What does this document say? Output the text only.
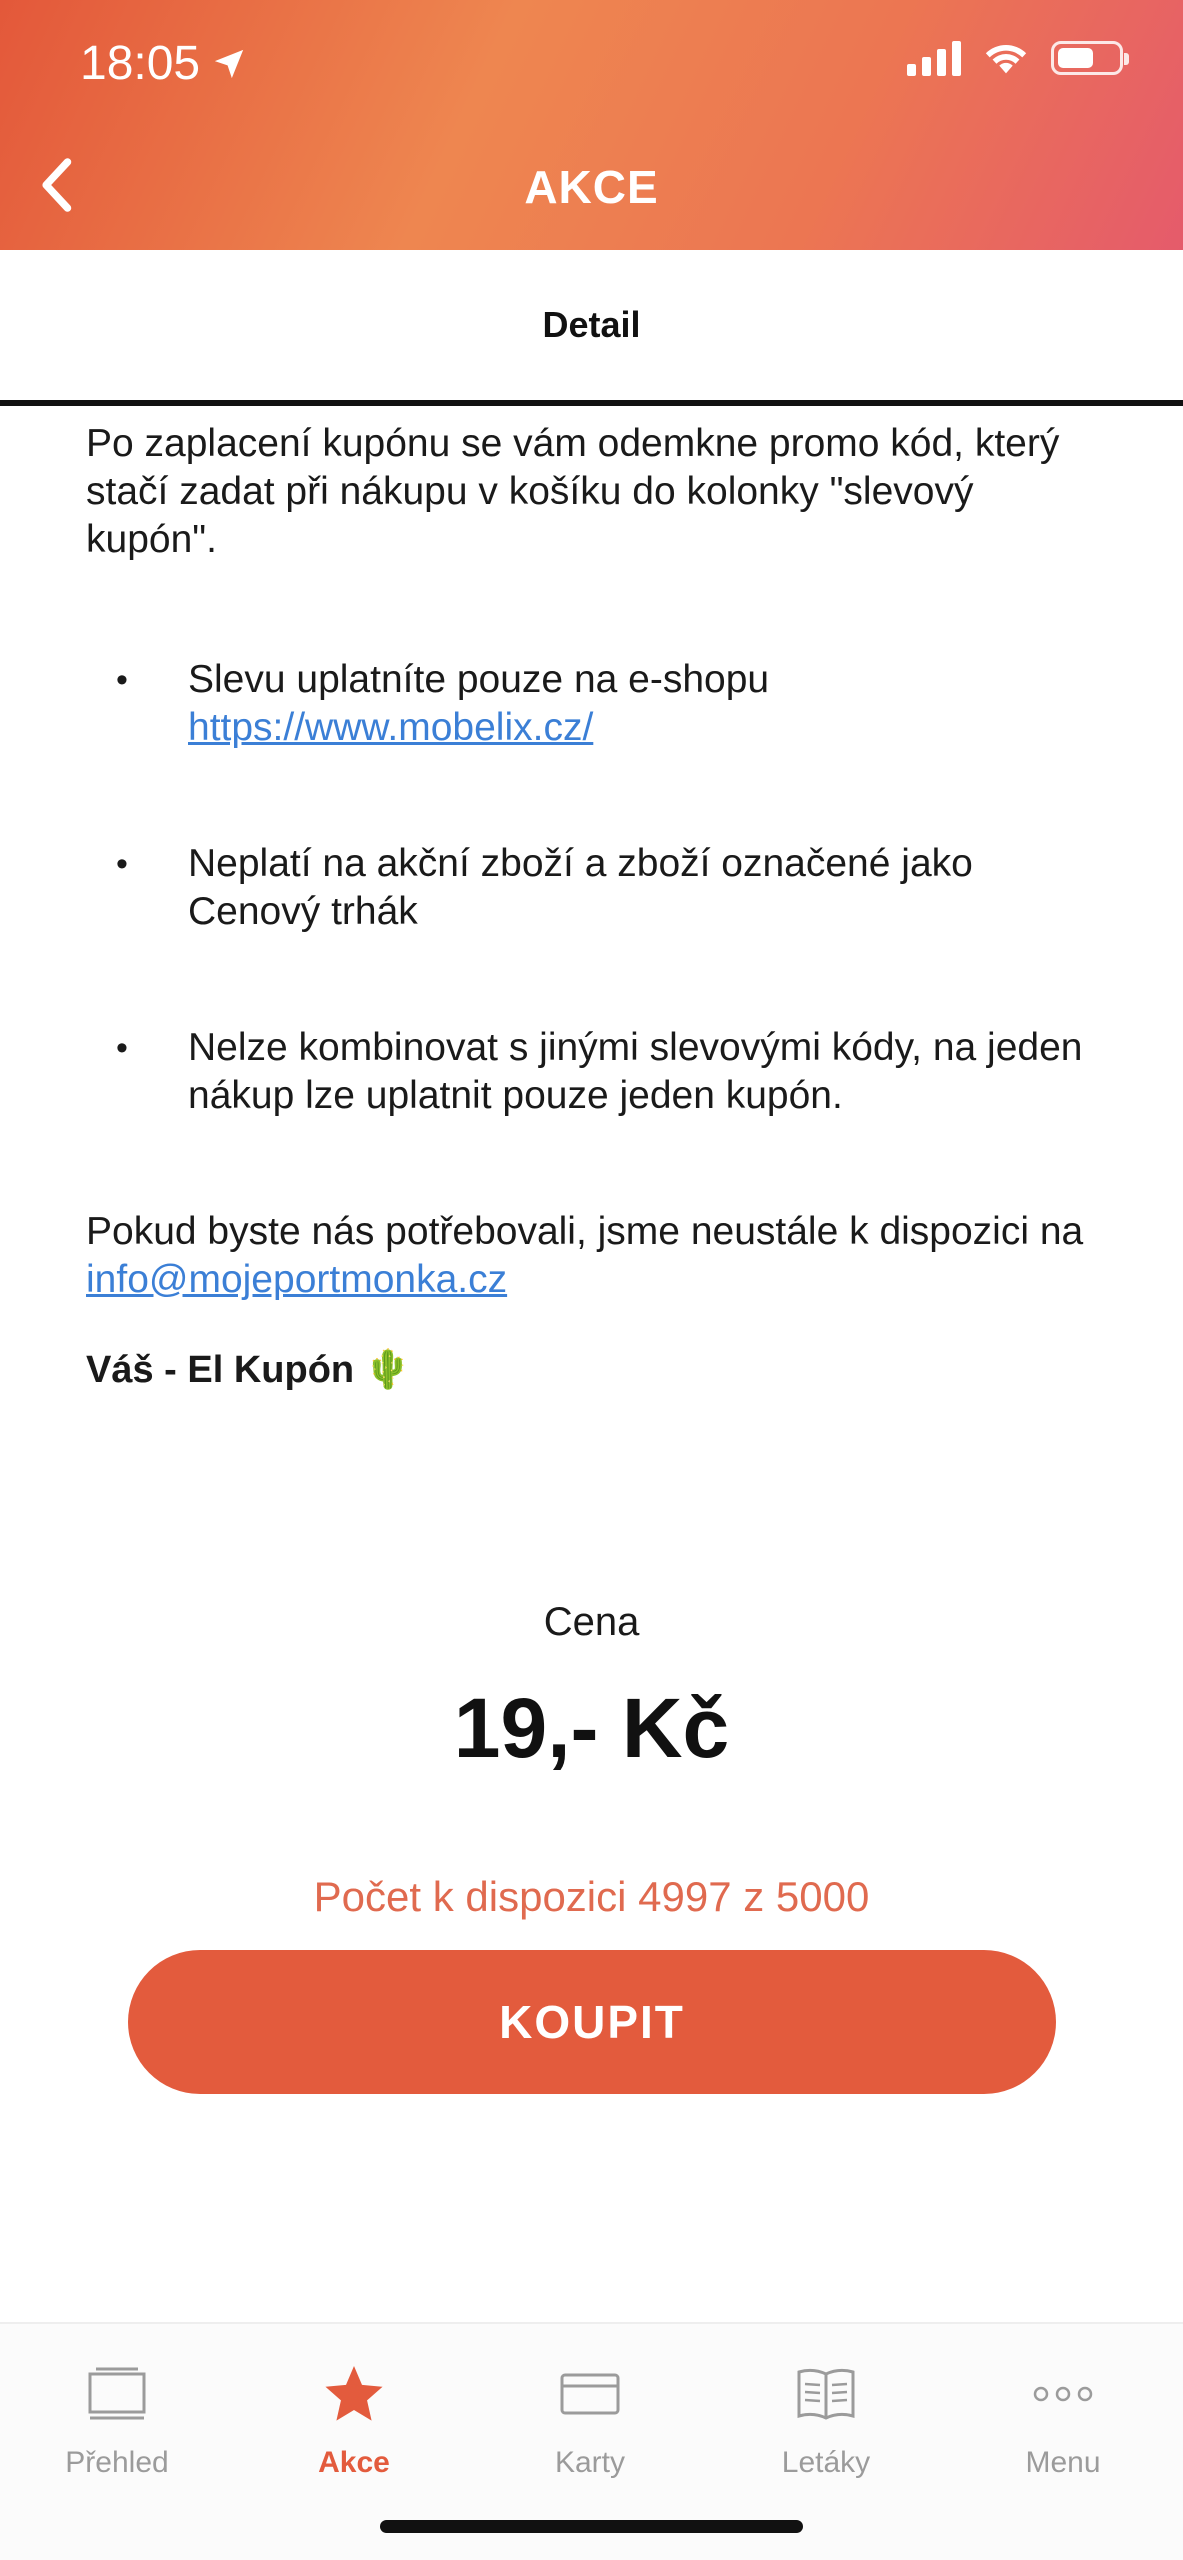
18:05
AKCE
Detail

Po zaplacení kupónu se vám odemkne promo kód, který stačí zadat při nákupu v košíku do kolonky "slevový kupón".

• Slevu uplatníte pouze na e-shopu https://www.mobelix.cz/
• Neplatí na akční zboží a zboží označené jako Cenový trhák
• Nelze kombinovat s jinými slevovými kódy, na jeden nákup lze uplatnit pouze jeden kupón.

Pokud byste nás potřebovali, jsme neustále k dispozici na info@mojeportmonka.cz

Váš - El Kupón 🌵

Cena
19,- Kč
Počet k dispozici 4997 z 5000
KOUPIT
Přehled	Akce	Karty	Letáky	Menu
